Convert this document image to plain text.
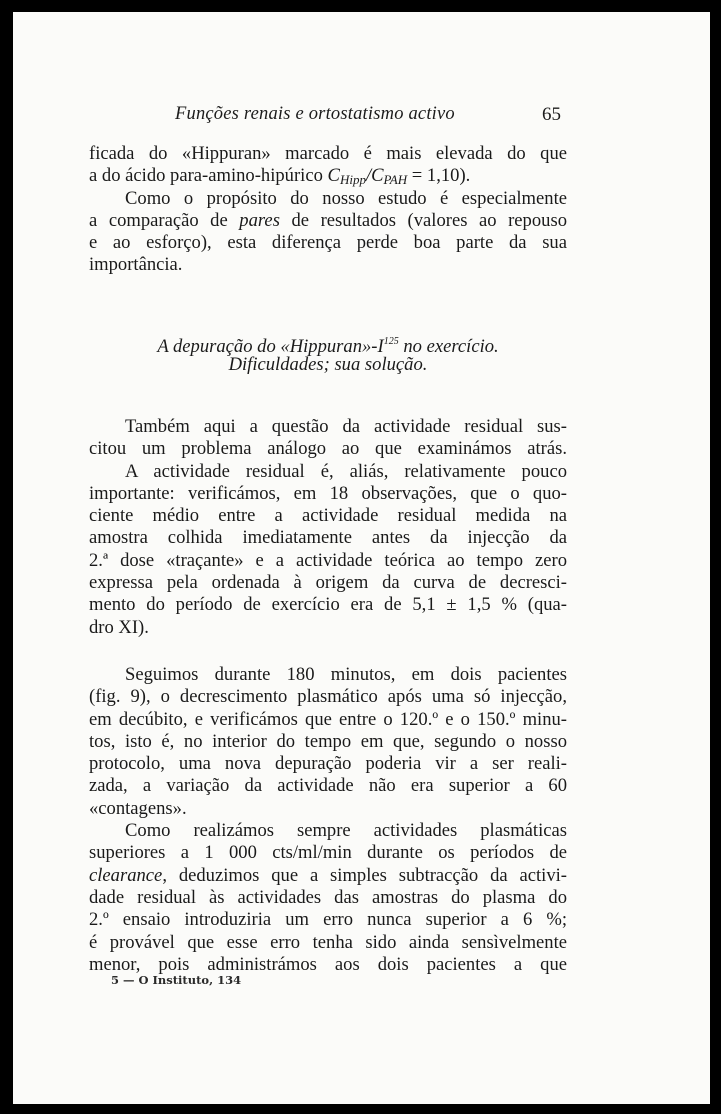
Funções renais e ortostatismo activo	65
ficada do «Hippuran» marcado é mais elevada do que
a do ácido para-amino-hipúrico CHipp/CPAH = 1,10).
Como o propósito do nosso estudo é especialmente
a comparação de pares de resultados (valores ao repouso
e ao esforço), esta diferença perde boa parte da sua
importância.
A depuração do «$Hippuran»-I^{125}$ no exercício.
Dificuldades; sua solução.
Também aqui a questão da actividade residual sus-
citou um problema análogo ao que examinámos atrás.
A actividade residual é, aliás, relativamente pouco
importante: verificámos, em 18 observações, que o quo-
ciente médio entre a actividade residual medida na
amostra colhida imediatamente antes da injecção da
2.ª dose «traçante» e a actividade teórica ao tempo zero
expressa pela ordenada à origem da curva de decresci-
mento do período de exercício era de 5,1 ± 1,5 % (qua-
dro XI).
Seguimos durante 180 minutos, em dois pacientes
(fig. 9), o decrescimento plasmático após uma só injecção,
em decúbito, e verificámos que entre o 120.º e o 150.º minu-
tos, isto é, no interior do tempo em que, segundo o nosso
protocolo, uma nova depuração poderia vir a ser reali-
zada, a variação da actividade não era superior a 60
«contagens».
Como realizámos sempre actividades plasmáticas
superiores a 1 000 cts/ml/min durante os períodos de
clearance, deduzimos que a simples subtracção da activi-
dade residual às actividades das amostras do plasma do
2.º ensaio introduziria um erro nunca superior a 6 %;
é provável que esse erro tenha sido ainda sensìvelmente
menor, pois administrámos aos dois pacientes a que
5 — O Instituto, 134
